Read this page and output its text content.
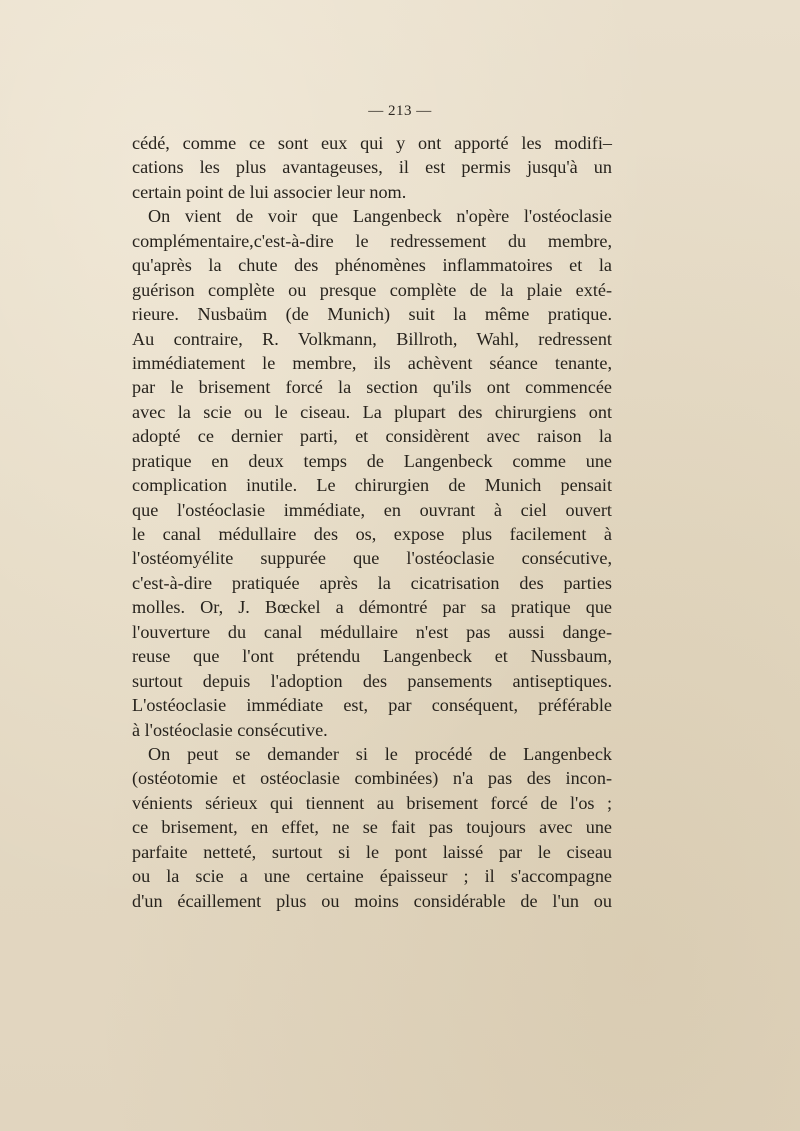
— 213 —
cédé, comme ce sont eux qui y ont apporté les modifi–
cations les plus avantageuses, il est permis jusqu'à un
certain point de lui associer leur nom.
On vient de voir que Langenbeck n'opère l'ostéoclasie
complémentaire,c'est-à-dire le redressement du membre,
qu'après la chute des phénomènes inflammatoires et la
guérison complète ou presque complète de la plaie exté-
rieure. Nusbaüm (de Munich) suit la même pratique.
Au contraire, R. Volkmann, Billroth, Wahl, redressent
immédiatement le membre, ils achèvent séance tenante,
par le brisement forcé la section qu'ils ont commencée
avec la scie ou le ciseau. La plupart des chirurgiens ont
adopté ce dernier parti, et considèrent avec raison la
pratique en deux temps de Langenbeck comme une
complication inutile. Le chirurgien de Munich pensait
que l'ostéoclasie immédiate, en ouvrant à ciel ouvert
le canal médullaire des os, expose plus facilement à
l'ostéomyélite suppurée que l'ostéoclasie consécutive,
c'est-à-dire pratiquée après la cicatrisation des parties
molles. Or, J. Bœckel a démontré par sa pratique que
l'ouverture du canal médullaire n'est pas aussi dange-
reuse que l'ont prétendu Langenbeck et Nussbaum,
surtout depuis l'adoption des pansements antiseptiques.
L'ostéoclasie immédiate est, par conséquent, préférable
à l'ostéoclasie consécutive.
On peut se demander si le procédé de Langenbeck
(ostéotomie et ostéoclasie combinées) n'a pas des incon-
vénients sérieux qui tiennent au brisement forcé de l'os ;
ce brisement, en effet, ne se fait pas toujours avec une
parfaite netteté, surtout si le pont laissé par le ciseau
ou la scie a une certaine épaisseur ; il s'accompagne
d'un écaillement plus ou moins considérable de l'un ou
